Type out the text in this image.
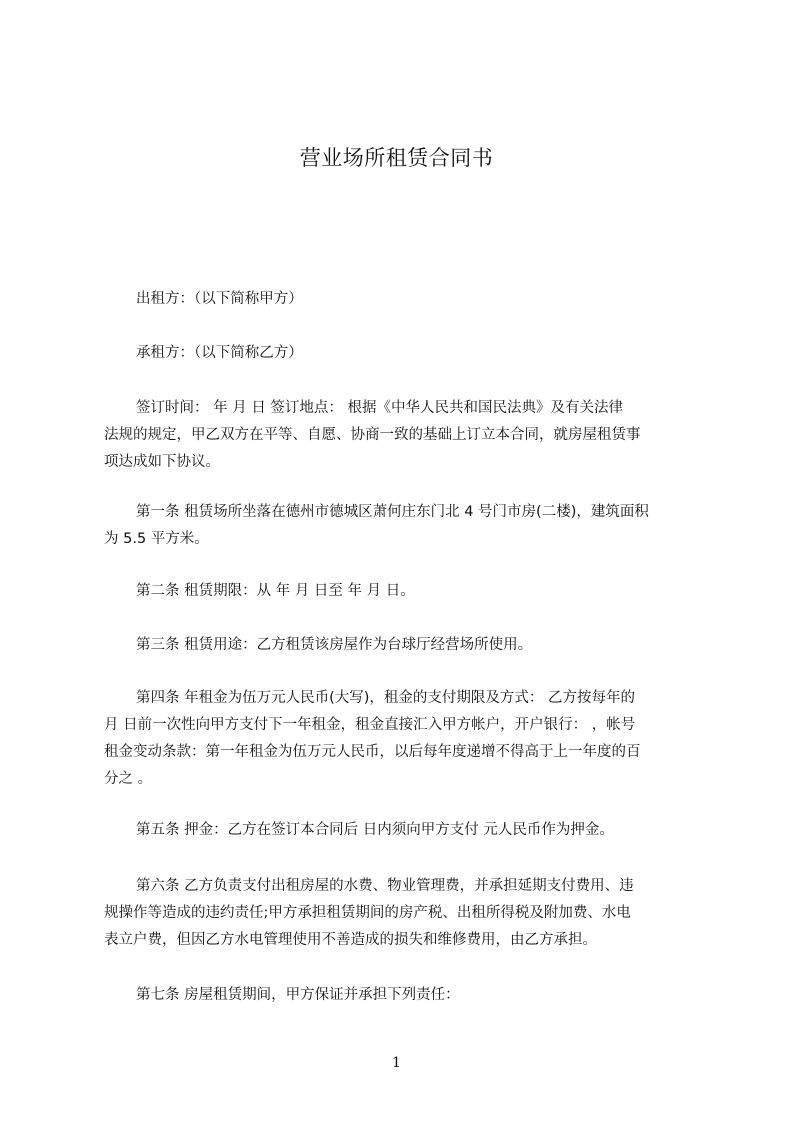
营业场所租赁合同书
出租方：（以下简称甲方）
承租方：（以下简称乙方）
签订时间： 年 月 日 签订地点： 根据《中华人民共和国民法典》及有关法律
法规的规定，甲乙双方在平等、自愿、协商一致的基础上订立本合同，就房屋租赁事
项达成如下协议。
第一条 租赁场所坐落在德州市德城区萧何庄东门北 4 号门市房(二楼)，建筑面积
为 5.5 平方米。
第二条 租赁期限：从 年 月 日至 年 月 日。
第三条 租赁用途：乙方租赁该房屋作为台球厅经营场所使用。
第四条 年租金为伍万元人民币(大写)，租金的支付期限及方式： 乙方按每年的
月 日前一次性向甲方支付下一年租金，租金直接汇入甲方帐户，开户银行： ，帐号
租金变动条款：第一年租金为伍万元人民币，以后每年度递增不得高于上一年度的百
分之 。
第五条 押金：乙方在签订本合同后 日内须向甲方支付 元人民币作为押金。
第六条 乙方负责支付出租房屋的水费、物业管理费，并承担延期支付费用、违
规操作等造成的违约责任;甲方承担租赁期间的房产税、出租所得税及附加费、水电
表立户费，但因乙方水电管理使用不善造成的损失和维修费用，由乙方承担。
第七条 房屋租赁期间，甲方保证并承担下列责任：
1
